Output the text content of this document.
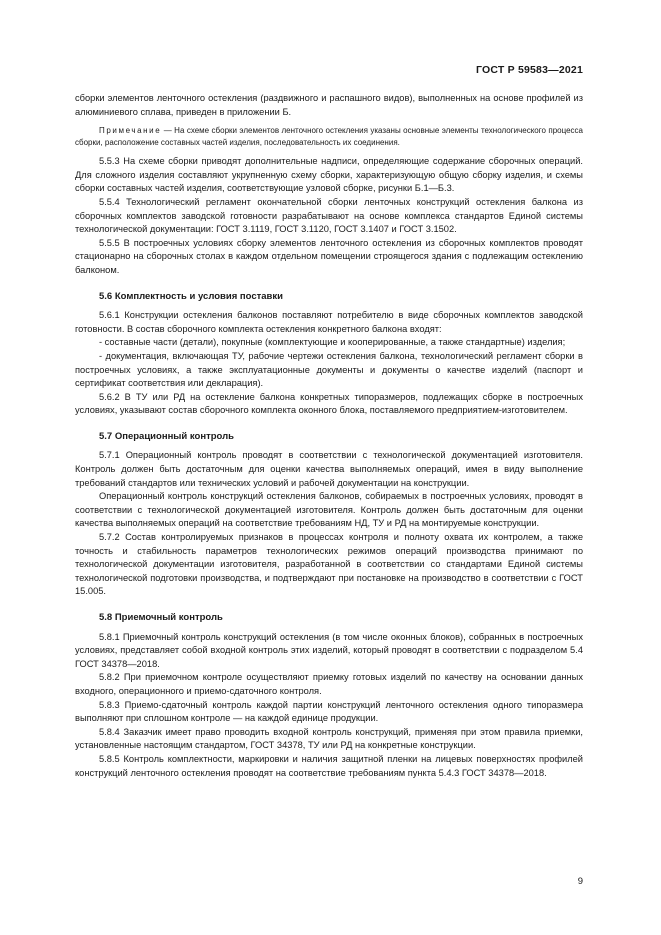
ГОСТ Р 59583—2021

сборки элементов ленточного остекления (раздвижного и распашного видов), выполненных на основе профилей из алюминиевого сплава, приведен в приложении Б.

Примечание — На схеме сборки элементов ленточного остекления указаны основные элементы технологического процесса сборки, расположение составных частей изделия, последовательность их соединения.

5.5.3 На схеме сборки приводят дополнительные надписи, определяющие содержание сборочных операций. Для сложного изделия составляют укрупненную схему сборки, характеризующую общую сборку изделия, и схемы сборки составных частей изделия, соответствующие узловой сборке, рисунки Б.1—Б.3.

5.5.4 Технологический регламент окончательной сборки ленточных конструкций остекления балкона из сборочных комплектов заводской готовности разрабатывают на основе комплекса стандартов Единой системы технологической документации: ГОСТ 3.1119, ГОСТ 3.1120, ГОСТ 3.1407 и ГОСТ 3.1502.

5.5.5 В построечных условиях сборку элементов ленточного остекления из сборочных комплектов проводят стационарно на сборочных столах в каждом отдельном помещении строящегося здания с подлежащим остеклению балконом.

5.6 Комплектность и условия поставки

5.6.1 Конструкции остекления балконов поставляют потребителю в виде сборочных комплектов заводской готовности. В состав сборочного комплекта остекления конкретного балкона входят:

- составные части (детали), покупные (комплектующие и кооперированные, а также стандартные) изделия;

- документация, включающая ТУ, рабочие чертежи остекления балкона, технологический регламент сборки в построечных условиях, а также эксплуатационные документы и документы о качестве изделий (паспорт и сертификат соответствия или декларация).

5.6.2 В ТУ или РД на остекление балкона конкретных типоразмеров, подлежащих сборке в построечных условиях, указывают состав сборочного комплекта оконного блока, поставляемого предприятием-изготовителем.

5.7 Операционный контроль

5.7.1 Операционный контроль проводят в соответствии с технологической документацией изготовителя. Контроль должен быть достаточным для оценки качества выполняемых операций, имея в виду выполнение требований стандартов или технических условий и рабочей документации на конструкции.

Операционный контроль конструкций остекления балконов, собираемых в построечных условиях, проводят в соответствии с технологической документацией изготовителя. Контроль должен быть достаточным для оценки качества выполняемых операций на соответствие требованиям НД, ТУ и РД на монтируемые конструкции.

5.7.2 Состав контролируемых признаков в процессах контроля и полноту охвата их контролем, а также точность и стабильность параметров технологических режимов операций производства принимают по технологической документации изготовителя, разработанной в соответствии со стандартами Единой системы технологической подготовки производства, и подтверждают при постановке на производство в соответствии с ГОСТ 15.005.

5.8 Приемочный контроль

5.8.1 Приемочный контроль конструкций остекления (в том числе оконных блоков), собранных в построечных условиях, представляет собой входной контроль этих изделий, который проводят в соответствии с подразделом 5.4 ГОСТ 34378—2018.

5.8.2 При приемочном контроле осуществляют приемку готовых изделий по качеству на основании данных входного, операционного и приемо-сдаточного контроля.

5.8.3 Приемо-сдаточный контроль каждой партии конструкций ленточного остекления одного типоразмера выполняют при сплошном контроле — на каждой единице продукции.

5.8.4 Заказчик имеет право проводить входной контроль конструкций, применяя при этом правила приемки, установленные настоящим стандартом, ГОСТ 34378, ТУ или РД на конкретные конструкции.

5.8.5 Контроль комплектности, маркировки и наличия защитной пленки на лицевых поверхностях профилей конструкций ленточного остекления проводят на соответствие требованиям пункта 5.4.3 ГОСТ 34378—2018.

9
